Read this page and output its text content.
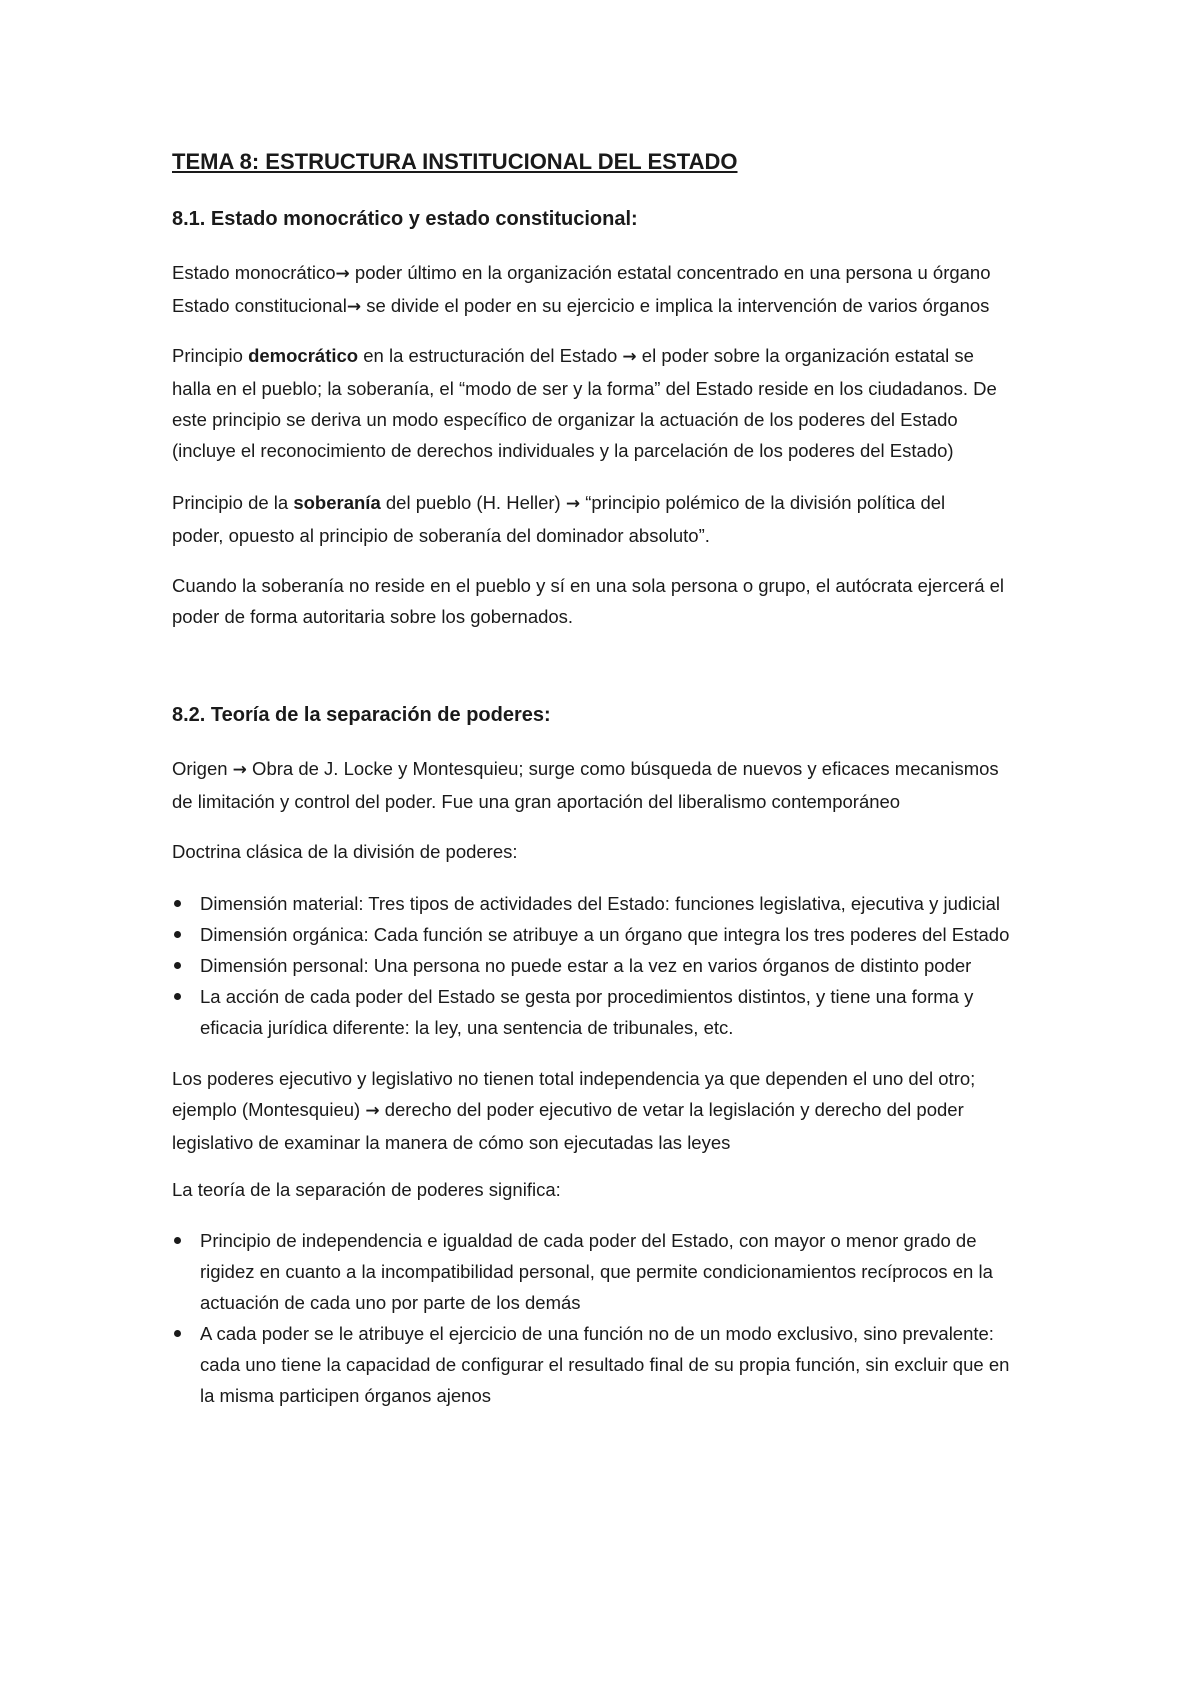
TEMA 8: ESTRUCTURA INSTITUCIONAL DEL ESTADO
8.1. Estado monocrático y estado constitucional:
Estado monocrático→ poder último en la organización estatal concentrado en una persona u órgano
Estado constitucional→ se divide el poder en su ejercicio e implica la intervención de varios órganos
Principio democrático en la estructuración del Estado → el poder sobre la organización estatal se
halla en el pueblo; la soberanía, el “modo de ser y la forma” del Estado reside en los ciudadanos. De
este principio se deriva un modo específico de organizar la actuación de los poderes del Estado
(incluye el reconocimiento de derechos individuales y la parcelación de los poderes del Estado)
Principio de la soberanía del pueblo (H. Heller) → “principio polémico de la división política del
poder, opuesto al principio de soberanía del dominador absoluto”.
Cuando la soberanía no reside en el pueblo y sí en una sola persona o grupo, el autócrata ejercerá el
poder de forma autoritaria sobre los gobernados.
8.2. Teoría de la separación de poderes:
Origen → Obra de J. Locke y Montesquieu; surge como búsqueda de nuevos y eficaces mecanismos
de limitación y control del poder. Fue una gran aportación del liberalismo contemporáneo
Doctrina clásica de la división de poderes:
Dimensión material: Tres tipos de actividades del Estado: funciones legislativa, ejecutiva y judicial
Dimensión orgánica: Cada función se atribuye a un órgano que integra los tres poderes del Estado
Dimensión personal: Una persona no puede estar a la vez en varios órganos de distinto poder
La acción de cada poder del Estado se gesta por procedimientos distintos, y tiene una forma y
eficacia jurídica diferente: la ley, una sentencia de tribunales, etc.
Los poderes ejecutivo y legislativo no tienen total independencia ya que dependen el uno del otro;
ejemplo (Montesquieu) → derecho del poder ejecutivo de vetar la legislación y derecho del poder
legislativo de examinar la manera de cómo son ejecutadas las leyes
La teoría de la separación de poderes significa:
Principio de independencia e igualdad de cada poder del Estado, con mayor o menor grado de
rigidez en cuanto a la incompatibilidad personal, que permite condicionamientos recíprocos en la
actuación de cada uno por parte de los demás
A cada poder se le atribuye el ejercicio de una función no de un modo exclusivo, sino prevalente:
cada uno tiene la capacidad de configurar el resultado final de su propia función, sin excluir que en
la misma participen órganos ajenos
